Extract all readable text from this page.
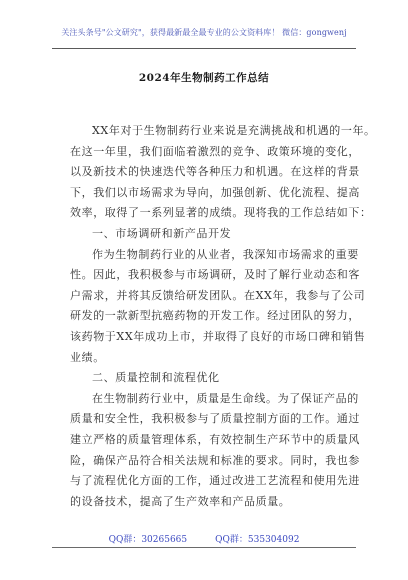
关注头条号"公文研究"，获得最新最全最专业的公文资料库！ 微信：gongwenj
2024年生物制药工作总结
XX年对于生物制药行业来说是充满挑战和机遇的一年。
在这一年里，我们面临着激烈的竞争、政策环境的变化，
以及新技术的快速迭代等各种压力和机遇。在这样的背景
下，我们以市场需求为导向，加强创新、优化流程、提高
效率，取得了一系列显著的成绩。现将我的工作总结如下：
一、市场调研和新产品开发
作为生物制药行业的从业者，我深知市场需求的重要
性。因此，我积极参与市场调研，及时了解行业动态和客
户需求，并将其反馈给研发团队。在XX年，我参与了公司
研发的一款新型抗癌药物的开发工作。经过团队的努力，
该药物于XX年成功上市，并取得了良好的市场口碑和销售
业绩。
二、质量控制和流程优化
在生物制药行业中，质量是生命线。为了保证产品的
质量和安全性，我积极参与了质量控制方面的工作。通过
建立严格的质量管理体系，有效控制生产环节中的质量风
险，确保产品符合相关法规和标准的要求。同时，我也参
与了流程优化方面的工作，通过改进工艺流程和使用先进
的设备技术，提高了生产效率和产品质量。
QQ群：30265665	QQ群：535304092
